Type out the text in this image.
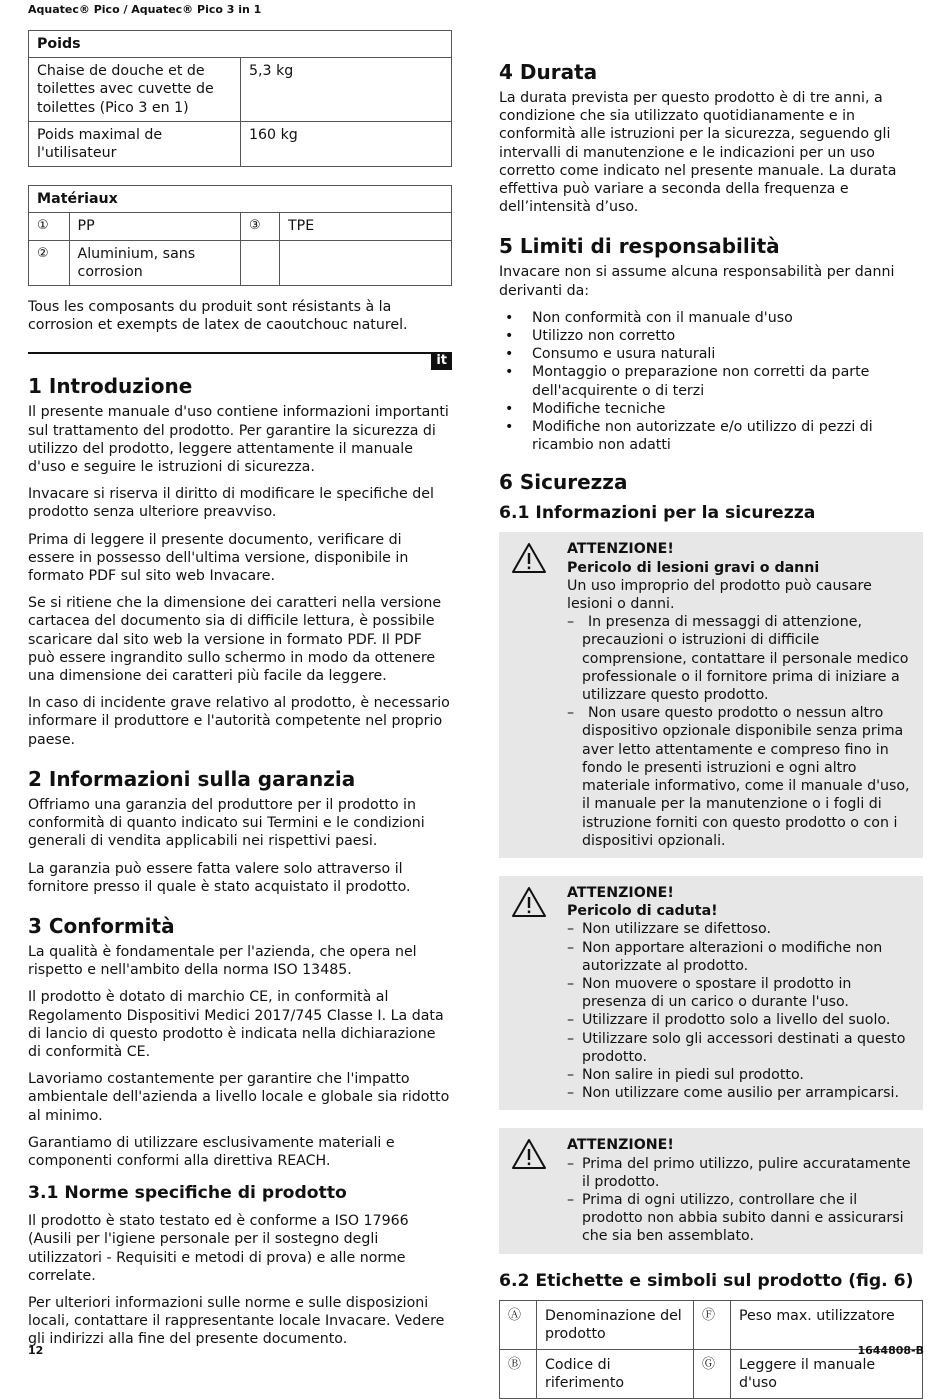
Aquatec® Pico / Aquatec® Pico 3 in 1
Poids			
Chaise de douche et de toilettes avec cuvette de toilettes (Pico 3 en 1)		5,3 kg	
Poids maximal de l'utilisateur		160 kg	

Matériaux			
①	PP	③	TPE
②	Aluminium, sans corrosion		

Tous les composants du produit sont résistants à la corrosion et exempts de latex de caoutchouc naturel.

it
1 Introduzione

Il presente manuale d'uso contiene informazioni importanti sul trattamento del prodotto. Per garantire la sicurezza di utilizzo del prodotto, leggere attentamente il manuale d'uso e seguire le istruzioni di sicurezza.

Invacare si riserva il diritto di modificare le specifiche del prodotto senza ulteriore preavviso.

Prima di leggere il presente documento, verificare di essere in possesso dell'ultima versione, disponibile in formato PDF sul sito web Invacare.

Se si ritiene che la dimensione dei caratteri nella versione cartacea del documento sia di difficile lettura, è possibile scaricare dal sito web la versione in formato PDF. Il PDF può essere ingrandito sullo schermo in modo da ottenere una dimensione dei caratteri più facile da leggere.

In caso di incidente grave relativo al prodotto, è necessario informare il produttore e l'autorità competente nel proprio paese.

2 Informazioni sulla garanzia

Offriamo una garanzia del produttore per il prodotto in conformità di quanto indicato sui Termini e le condizioni generali di vendita applicabili nei rispettivi paesi.

La garanzia può essere fatta valere solo attraverso il fornitore presso il quale è stato acquistato il prodotto.

3 Conformità

La qualità è fondamentale per l'azienda, che opera nel rispetto e nell'ambito della norma ISO 13485.

Il prodotto è dotato di marchio CE, in conformità al Regolamento Dispositivi Medici 2017/745 Classe I. La data di lancio di questo prodotto è indicata nella dichiarazione di conformità CE.

Lavoriamo costantemente per garantire che l'impatto ambientale dell'azienda a livello locale e globale sia ridotto al minimo.

Garantiamo di utilizzare esclusivamente materiali e componenti conformi alla direttiva REACH.

3.1 Norme specifiche di prodotto

Il prodotto è stato testato ed è conforme a ISO 17966 (Ausili per l'igiene personale per il sostegno degli utilizzatori - Requisiti e metodi di prova) e alle norme correlate.

Per ulteriori informazioni sulle norme e sulle disposizioni locali, contattare il rappresentante locale Invacare. Vedere gli indirizzi alla fine del presente documento.

4 Durata

La durata prevista per questo prodotto è di tre anni, a condizione che sia utilizzato quotidianamente e in conformità alle istruzioni per la sicurezza, seguendo gli intervalli di manutenzione e le indicazioni per un uso corretto come indicato nel presente manuale. La durata effettiva può variare a seconda della frequenza e dell’intensità d’uso.

5 Limiti di responsabilità

Invacare non si assume alcuna responsabilità per danni derivanti da:

• Non conformità con il manuale d'uso
• Utilizzo non corretto
• Consumo e usura naturali
• Montaggio o preparazione non corretti da parte dell'acquirente o di terzi
• Modifiche tecniche
• Modifiche non autorizzate e/o utilizzo di pezzi di ricambio non adatti
6 Sicurezza
6.1 Informazioni per la sicurezza
ATTENZIONE!
Pericolo di lesioni gravi o danni
Un uso improprio del prodotto può causare lesioni o danni.
– In presenza di messaggi di attenzione, precauzioni o istruzioni di difficile comprensione, contattare il personale medico professionale o il fornitore prima di iniziare a utilizzare questo prodotto.
– Non usare questo prodotto o nessun altro dispositivo opzionale disponibile senza prima aver letto attentamente e compreso fino in fondo le presenti istruzioni e ogni altro materiale informativo, come il manuale d'uso, il manuale per la manutenzione o i fogli di istruzione forniti con questo prodotto o con i dispositivi opzionali.
ATTENZIONE!
Pericolo di caduta!
– Non utilizzare se difettoso.
– Non apportare alterazioni o modifiche non autorizzate al prodotto.
– Non muovere o spostare il prodotto in presenza di un carico o durante l'uso.
– Utilizzare il prodotto solo a livello del suolo.
– Utilizzare solo gli accessori destinati a questo prodotto.
– Non salire in piedi sul prodotto.
– Non utilizzare come ausilio per arrampicarsi.
ATTENZIONE!
– Prima del primo utilizzo, pulire accuratamente il prodotto.
– Prima di ogni utilizzo, controllare che il prodotto non abbia subito danni e assicurarsi che sia ben assemblato.
6.2 Etichette e simboli sul prodotto (fig. 6)
Ⓐ	Denominazione del prodotto	Ⓕ	Peso max. utilizzatore
Ⓑ	Codice di riferimento	Ⓖ	Leggere il manuale d'uso
12	1644808-B
